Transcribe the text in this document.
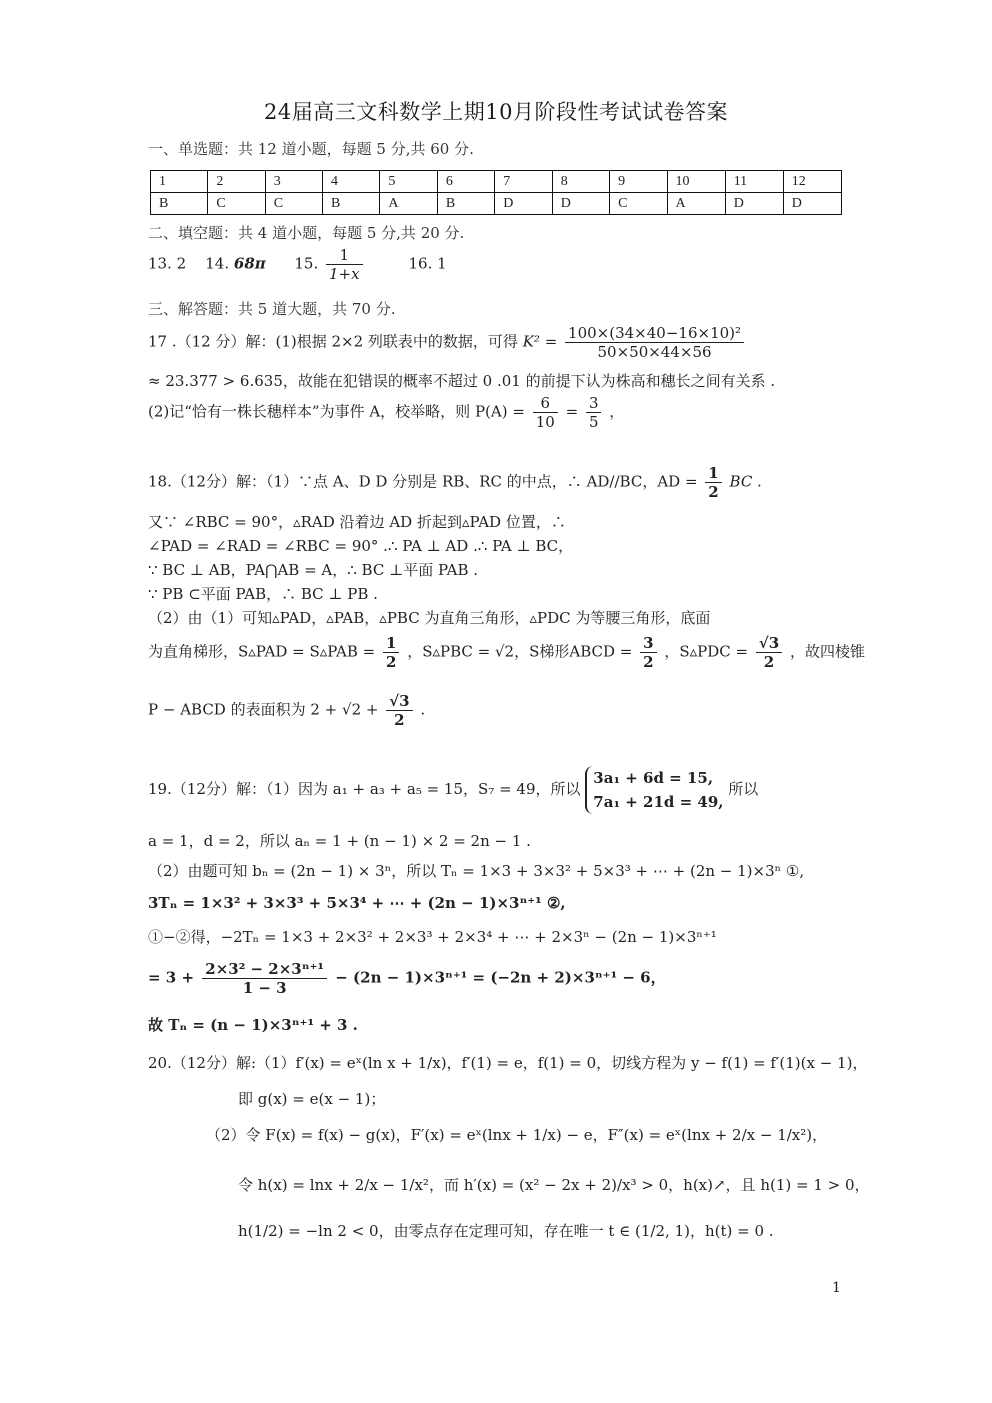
24届高三文科数学上期10月阶段性考试试卷答案
一、单选题：共 12 道小题，每题 5 分,共 60 分.
1	2	3	4	5	6	7	8	9	10	11	12
B	C	C	B	A	B	D	D	C	A	D	D
二、填空题：共 4 道小题，每题 5 分,共 20 分.
13. 2 14. 68π 15. $\frac{1}{1+x}$	16. 1
三、解答题：共 5 道大题，共 70 分.
17 .（12 分）解：(1)根据 2×2 列联表中的数据，可得 $K^2 = \frac{\text{100×(34×40−16×10)²}}{50\times 50\times 44\times 56}$
≈ 23.377 > 6.635，故能在犯错误的概率不超过 0 .01 的前提下认为株高和穗长之间有关系 .
(2)记“恰有一株长穗样本”为事件 A，校举略，则 $P(A) = \frac{6}{10} = \frac{3}{5}$ ，
18.（12分）解：（1）∵点 A、D D 分别是 RB、RC 的中点，∴ AD//BC，AD = $\frac{1}{2}$ BC .
又∵ ∠RBC = 90°，▵RAD 沿着边 AD 折起到▵PAD 位置，∴
∠PAD = ∠RAD = ∠RBC = 90° .∴ PA ⊥ AD .∴ PA ⊥ BC，
∵ BC ⊥ AB，PA⋂AB = A，∴ BC ⊥平面 PAB .
∵ PB ⊂平面 PAB，∴ BC ⊥ PB .
（2）由（1）可知▵PAD，▵PAB，▵PBC 为直角三角形，▵PDC 为等腰三角形，底面
为直角梯形，S▵PAD = S▵PAB = $\frac{1}{2}$ ，S▵PBC = √2，S梯形ABCD = $\frac{3}{2}$ ，S▵PDC = $\frac{√3}{2}$ ，故四棱锥
P − ABCD 的表面积为 $2 + √2 + \frac{√3}{2}$ .
19.（12分）解：（1）因为 a₁ + a₃ + a₅ = 15，S₇ = 49，所以
3a₁ + 6d = 15,
7a₁ + 21d = 49,
所以
a = 1，d = 2，所以 aₙ = 1 + (n − 1) × 2 = 2n − 1 .
（2）由题可知 bₙ = (2n − 1) × 3ⁿ，所以 Tₙ = 1×3 + 3×3² + 5×3³ + ⋯ + (2n − 1)×3ⁿ ①,
3Tₙ = 1×3² + 3×3³ + 5×3⁴ + ⋯ + (2n − 1)×3ⁿ⁺¹ ②,
①−②得，−2Tₙ = 1×3 + 2×3² + 2×3³ + 2×3⁴ + ⋯ + 2×3ⁿ − (2n − 1)×3ⁿ⁺¹
= $3 + \frac{\text{2×3² − 2×3ⁿ⁺¹}}{1 - 3} - (2n - 1)\times 3^{n+1} = (-2n + 2)\times 3^{n+1} - 6$，
故 Tₙ = (n − 1)×3ⁿ⁺¹ + 3 .
20.（12分）解:（1）f′(x) = eˣ(ln x + 1/x)，f′(1) = e，f(1) = 0，切线方程为 y − f(1) = f′(1)(x − 1)，
即 g(x) = e(x − 1)；
（2）令 F(x) = f(x) − g(x)，F′(x) = eˣ(lnx + 1/x) − e，F″(x) = eˣ(lnx + 2/x − 1/x²)，
令 h(x) = lnx + 2/x − 1/x²，而 h′(x) = (x² − 2x + 2)/x³ > 0，h(x)↗，且 h(1) = 1 > 0，
h(1/2) = −ln 2 < 0，由零点存在定理可知，存在唯一 t ∈ (1/2, 1)，h(t) = 0 .
1
